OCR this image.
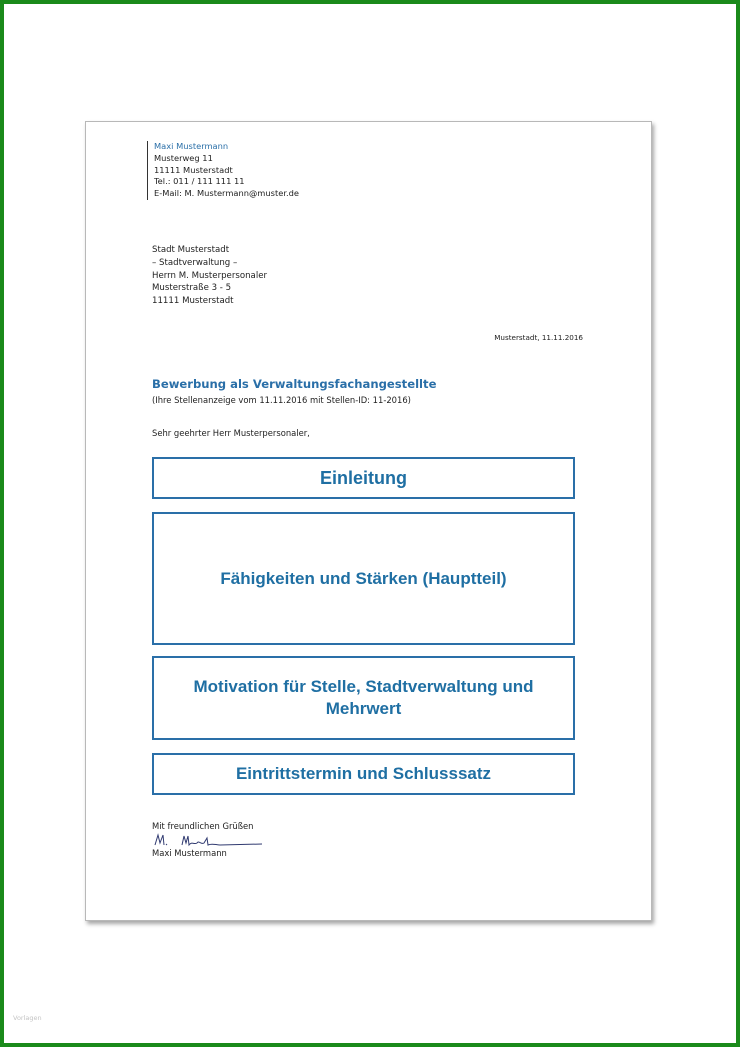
Maxi Mustermann
Musterweg 11
11111 Musterstadt
Tel.: 011 / 111 111 11
E-Mail: M. Mustermann@muster.de
Stadt Musterstadt
– Stadtverwaltung –
Herrn M. Musterpersonaler
Musterstraße 3 - 5
11111 Musterstadt
Musterstadt, 11.11.2016
Bewerbung als Verwaltungsfachangestellte
(Ihre Stellenanzeige vom 11.11.2016 mit Stellen-ID: 11-2016)
Sehr geehrter Herr Musterpersonaler,
Einleitung
Fähigkeiten und Stärken (Hauptteil)
Motivation für Stelle, Stadtverwaltung und Mehrwert
Eintrittstermin und Schlusssatz
Mit freundlichen Grüßen
Maxi Mustermann
Vorlagen
